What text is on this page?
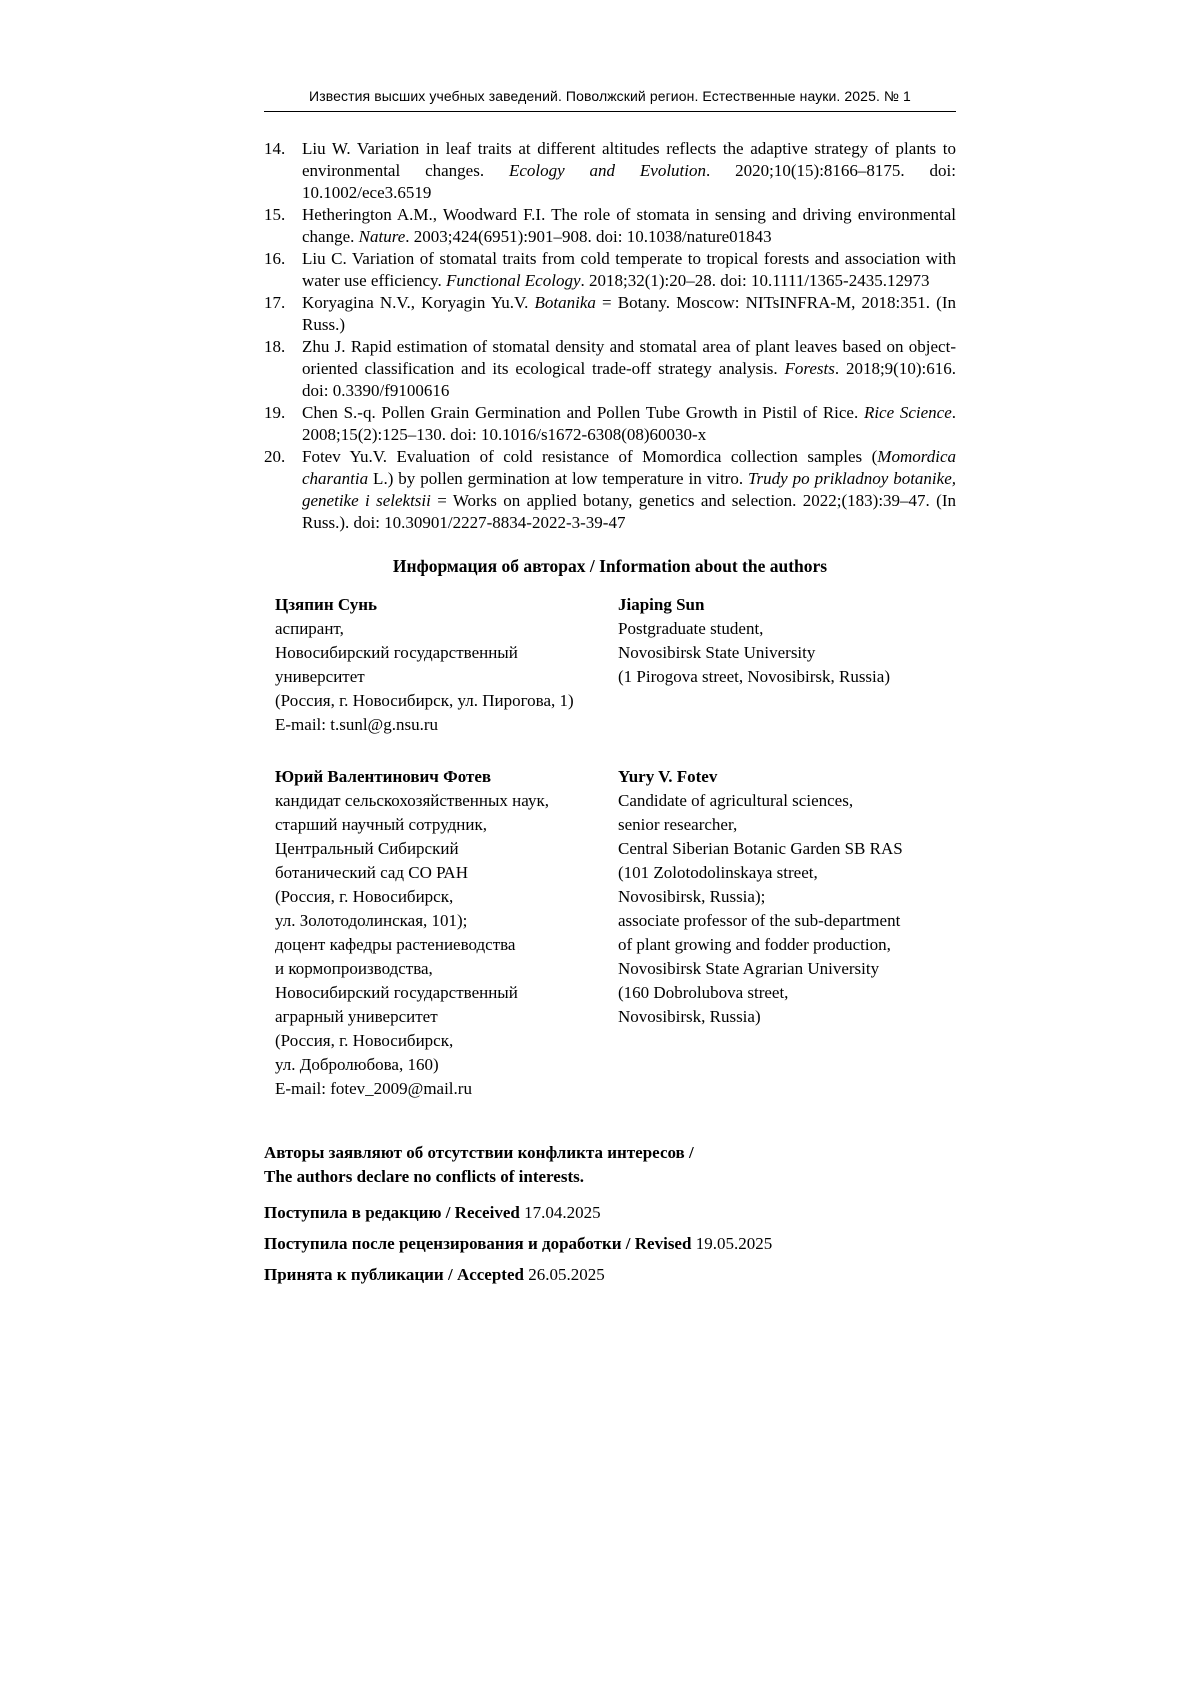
Известия высших учебных заведений. Поволжский регион. Естественные науки. 2025. № 1
14. Liu W. Variation in leaf traits at different altitudes reflects the adaptive strategy of plants to environmental changes. Ecology and Evolution. 2020;10(15):8166–8175. doi: 10.1002/ece3.6519
15. Hetherington A.M., Woodward F.I. The role of stomata in sensing and driving environmental change. Nature. 2003;424(6951):901–908. doi: 10.1038/nature01843
16. Liu C. Variation of stomatal traits from cold temperate to tropical forests and association with water use efficiency. Functional Ecology. 2018;32(1):20–28. doi: 10.1111/1365-2435.12973
17. Koryagina N.V., Koryagin Yu.V. Botanika = Botany. Moscow: NITsINFRA-M, 2018:351. (In Russ.)
18. Zhu J. Rapid estimation of stomatal density and stomatal area of plant leaves based on object-oriented classification and its ecological trade-off strategy analysis. Forests. 2018;9(10):616. doi: 0.3390/f9100616
19. Chen S.-q. Pollen Grain Germination and Pollen Tube Growth in Pistil of Rice. Rice Science. 2008;15(2):125–130. doi: 10.1016/s1672-6308(08)60030-x
20. Fotev Yu.V. Evaluation of cold resistance of Momordica collection samples (Momordica charantia L.) by pollen germination at low temperature in vitro. Trudy po prikladnoy botanike, genetike i selektsii = Works on applied botany, genetics and selection. 2022;(183):39–47. (In Russ.). doi: 10.30901/2227-8834-2022-3-39-47
Информация об авторах / Information about the authors
Цзяпин Сунь
аспирант,
Новосибирский государственный
университет
(Россия, г. Новосибирск, ул. Пирогова, 1)
E-mail: t.sunl@g.nsu.ru
Jiaping Sun
Postgraduate student,
Novosibirsk State University
(1 Pirogova street, Novosibirsk, Russia)
Юрий Валентинович Фотев
кандидат сельскохозяйственных наук,
старший научный сотрудник,
Центральный Сибирский
ботанический сад СО РАН
(Россия, г. Новосибирск,
ул. Золотодолинская, 101);
доцент кафедры растениеводства
и кормопроизводства,
Новосибирский государственный
аграрный университет
(Россия, г. Новосибирск,
ул. Добролюбова, 160)
E-mail: fotev_2009@mail.ru
Yury V. Fotev
Candidate of agricultural sciences,
senior researcher,
Central Siberian Botanic Garden SB RAS
(101 Zolotodolinskaya street,
Novosibirsk, Russia);
associate professor of the sub-department
of plant growing and fodder production,
Novosibirsk State Agrarian University
(160 Dobrolubova street,
Novosibirsk, Russia)

Авторы заявляют об отсутствии конфликта интересов /
The authors declare no conflicts of interests.

Поступила в редакцию / Received 17.04.2025

Поступила после рецензирования и доработки / Revised 19.05.2025

Принята к публикации / Accepted 26.05.2025
